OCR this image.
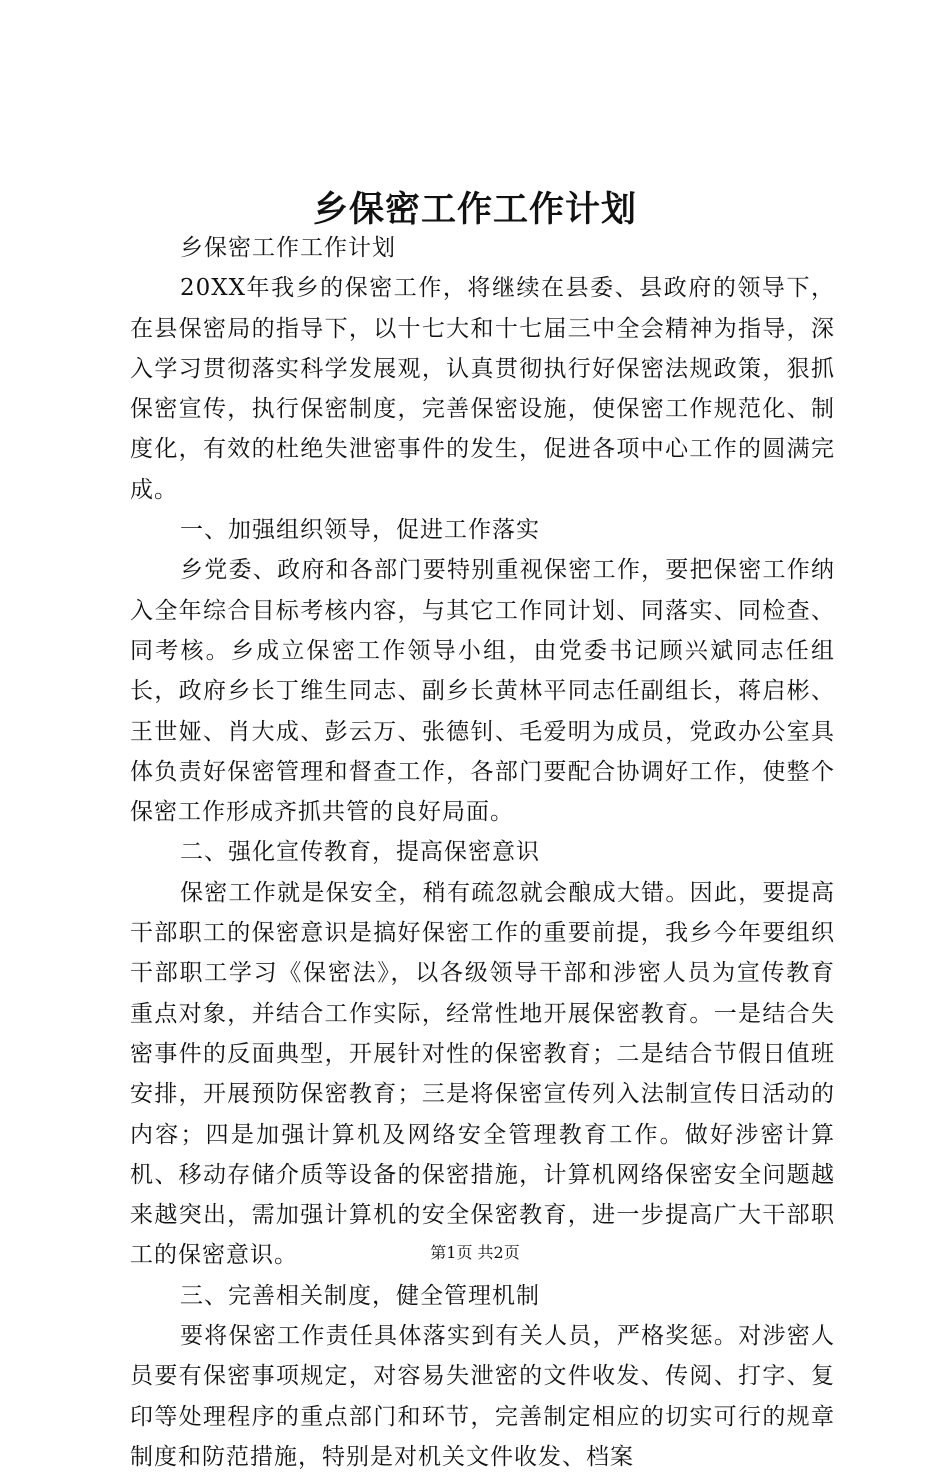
乡保密工作工作计划

乡保密工作工作计划

20XX年我乡的保密工作，将继续在县委、县政府的领导下，在县保密局的指导下，以十七大和十七届三中全会精神为指导，深入学习贯彻落实科学发展观，认真贯彻执行好保密法规政策，狠抓保密宣传，执行保密制度，完善保密设施，使保密工作规范化、制度化，有效的杜绝失泄密事件的发生，促进各项中心工作的圆满完成。

一、加强组织领导，促进工作落实

乡党委、政府和各部门要特别重视保密工作，要把保密工作纳入全年综合目标考核内容，与其它工作同计划、同落实、同检查、同考核。乡成立保密工作领导小组，由党委书记顾兴斌同志任组长，政府乡长丁维生同志、副乡长黄林平同志任副组长，蒋启彬、王世娅、肖大成、彭云万、张德钊、毛爱明为成员，党政办公室具体负责好保密管理和督查工作，各部门要配合协调好工作，使整个保密工作形成齐抓共管的良好局面。

二、强化宣传教育，提高保密意识

保密工作就是保安全，稍有疏忽就会酿成大错。因此，要提高干部职工的保密意识是搞好保密工作的重要前提，我乡今年要组织干部职工学习《保密法》，以各级领导干部和涉密人员为宣传教育重点对象，并结合工作实际，经常性地开展保密教育。一是结合失密事件的反面典型，开展针对性的保密教育；二是结合节假日值班安排，开展预防保密教育；三是将保密宣传列入法制宣传日活动的内容；四是加强计算机及网络安全管理教育工作。做好涉密计算机、移动存储介质等设备的保密措施，计算机网络保密安全问题越来越突出，需加强计算机的安全保密教育，进一步提高广大干部职工的保密意识。

三、完善相关制度，健全管理机制

要将保密工作责任具体落实到有关人员，严格奖惩。对涉密人员要有保密事项规定，对容易失泄密的文件收发、传阅、打字、复印等处理程序的重点部门和环节，完善制定相应的切实可行的规章制度和防范措施，特别是对机关文件收发、档案

第1页 共2页
